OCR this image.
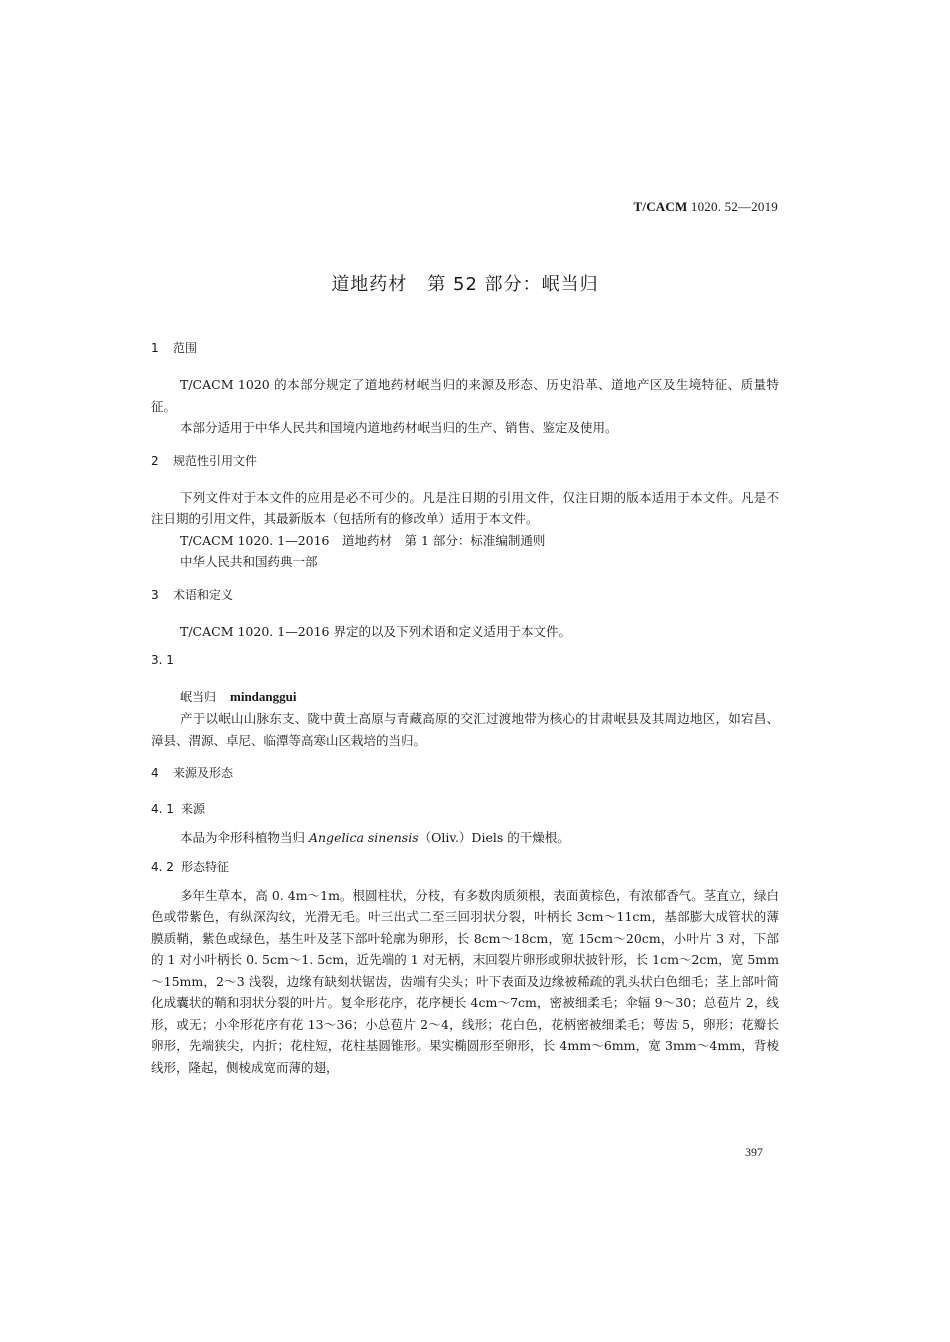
T/CACM 1020. 52—2019
道地药材 第 52 部分：岷当归
1 范围
T/CACM 1020 的本部分规定了道地药材岷当归的来源及形态、历史沿革、道地产区及生境特征、质量特征。
本部分适用于中华人民共和国境内道地药材岷当归的生产、销售、鉴定及使用。
2 规范性引用文件
下列文件对于本文件的应用是必不可少的。凡是注日期的引用文件，仅注日期的版本适用于本文件。凡是不注日期的引用文件，其最新版本（包括所有的修改单）适用于本文件。
T/CACM 1020. 1—2016　道地药材　第 1 部分：标准编制通则
中华人民共和国药典一部
3 术语和定义
T/CACM 1020. 1—2016 界定的以及下列术语和定义适用于本文件。
3. 1
岷当归 mindanggui
产于以岷山山脉东支、陇中黄土高原与青藏高原的交汇过渡地带为核心的甘肃岷县及其周边地区，如宕昌、漳县、渭源、卓尼、临潭等高寒山区栽培的当归。
4 来源及形态
4. 1 来源
本品为伞形科植物当归 Angelica sinensis（Oliv.）Diels 的干燥根。
4. 2 形态特征
多年生草本，高 0. 4m～1m。根圆柱状，分枝，有多数肉质须根，表面黄棕色，有浓郁香气。茎直立，绿白色或带紫色，有纵深沟纹，光滑无毛。叶三出式二至三回羽状分裂，叶柄长 3cm～11cm，基部膨大成管状的薄膜质鞘，紫色或绿色，基生叶及茎下部叶轮廓为卵形，长 8cm～18cm，宽 15cm～20cm，小叶片 3 对，下部的 1 对小叶柄长 0. 5cm～1. 5cm，近先端的 1 对无柄，末回裂片卵形或卵状披针形，长 1cm～2cm，宽 5mm～15mm，2～3 浅裂，边缘有缺刻状锯齿，齿端有尖头；叶下表面及边缘被稀疏的乳头状白色细毛；茎上部叶简化成囊状的鞘和羽状分裂的叶片。复伞形花序，花序梗长 4cm～7cm，密被细柔毛；伞辐 9～30；总苞片 2，线形，或无；小伞形花序有花 13～36；小总苞片 2～4，线形；花白色，花柄密被细柔毛；萼齿 5，卵形；花瓣长卵形，先端狭尖，内折；花柱短，花柱基圆锥形。果实椭圆形至卵形，长 4mm～6mm，宽 3mm～4mm，背棱线形，隆起，侧棱成宽而薄的翅，
397
